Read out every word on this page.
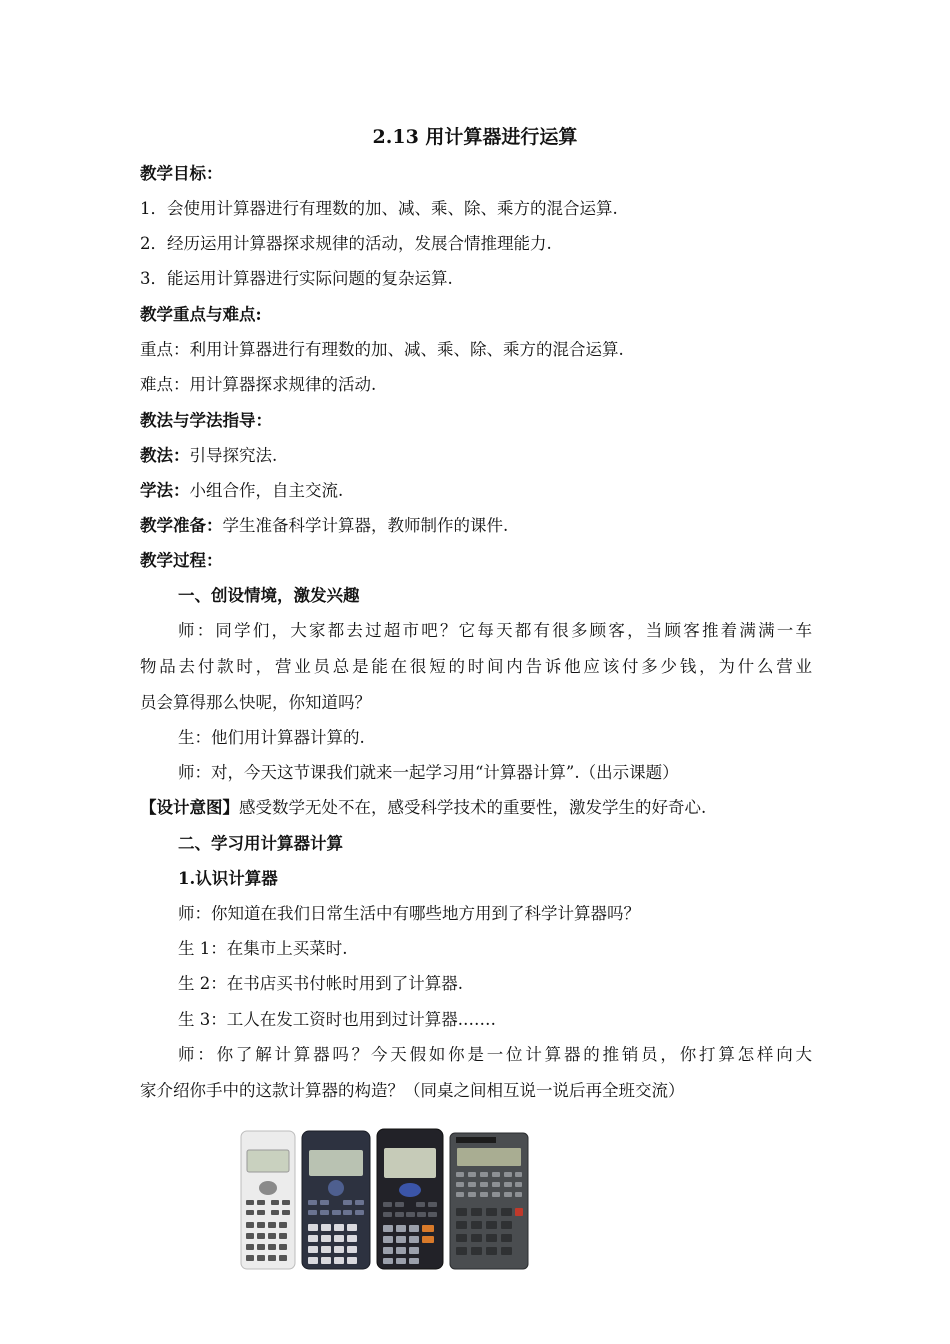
2.13 用计算器进行运算
教学目标：
1．会使用计算器进行有理数的加、减、乘、除、乘方的混合运算.
2．经历运用计算器探求规律的活动，发展合情推理能力.
3．能运用计算器进行实际问题的复杂运算.
教学重点与难点:
重点：利用计算器进行有理数的加、减、乘、除、乘方的混合运算.
难点：用计算器探求规律的活动.
教法与学法指导：
教法：引导探究法.
学法：小组合作，自主交流.
教学准备：学生准备科学计算器，教师制作的课件.
教学过程：
一、创设情境，激发兴趣
师：同学们，大家都去过超市吧？它每天都有很多顾客，当顾客推着满满一车
物品去付款时，营业员总是能在很短的时间内告诉他应该付多少钱，为什么营业
员会算得那么快呢，你知道吗？
生：他们用计算器计算的.
师：对，今天这节课我们就来一起学习用“计算器计算”.（出示课题）
【设计意图】感受数学无处不在，感受科学技术的重要性，激发学生的好奇心.
二、学习用计算器计算
1.认识计算器
师：你知道在我们日常生活中有哪些地方用到了科学计算器吗？
生 1：在集市上买菜时.
生 2：在书店买书付帐时用到了计算器.
生 3：工人在发工资时也用到过计算器.……
师：你了解计算器吗？今天假如你是一位计算器的推销员，你打算怎样向大
家介绍你手中的这款计算器的构造？（同桌之间相互说一说后再全班交流）
